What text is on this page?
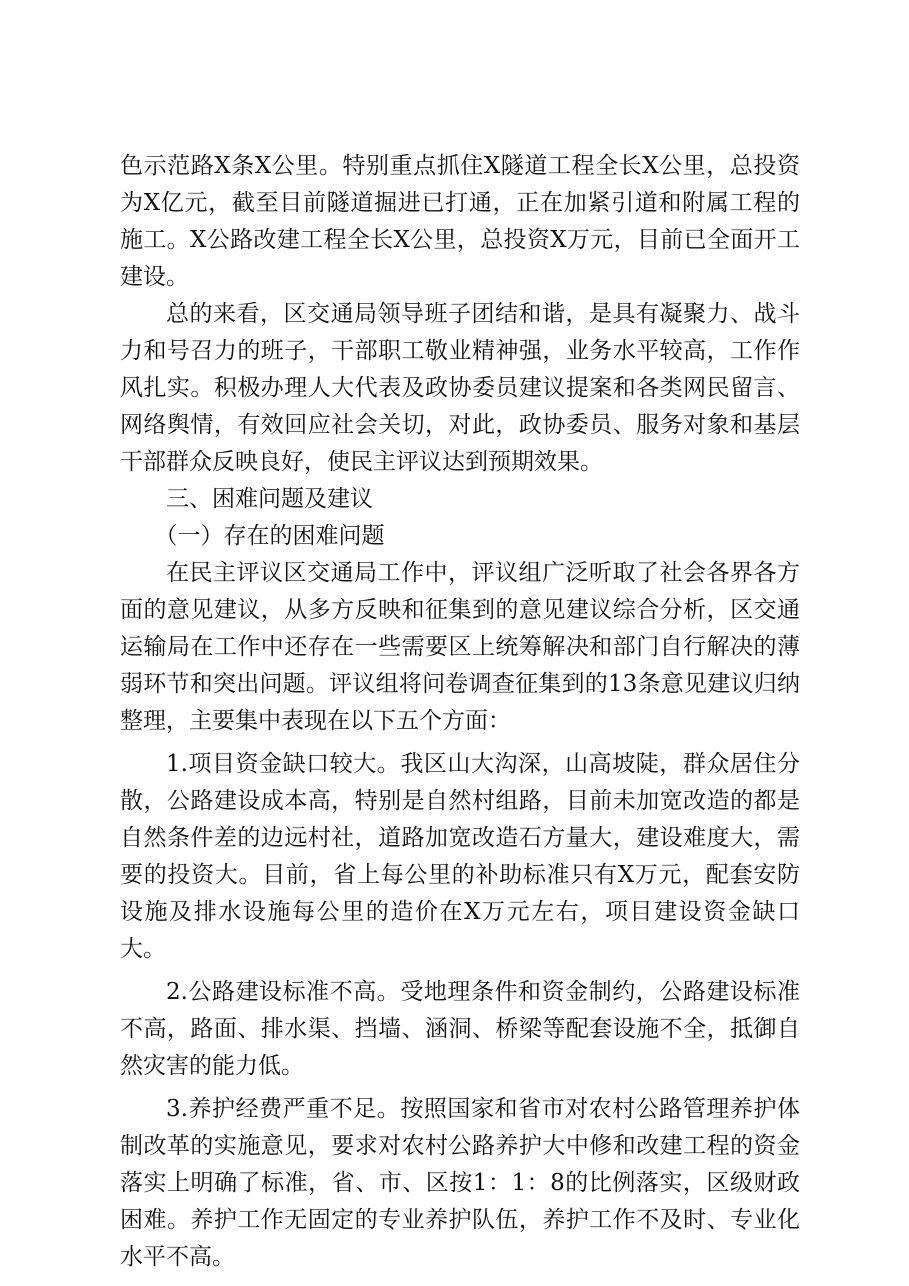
色示范路X条X公里。特别重点抓住X隧道工程全长X公里，总投资为X亿元，截至目前隧道掘进已打通，正在加紧引道和附属工程的施工。X公路改建工程全长X公里，总投资X万元，目前已全面开工建设。

总的来看，区交通局领导班子团结和谐，是具有凝聚力、战斗力和号召力的班子，干部职工敬业精神强，业务水平较高，工作作风扎实。积极办理人大代表及政协委员建议提案和各类网民留言、网络舆情，有效回应社会关切，对此，政协委员、服务对象和基层干部群众反映良好，使民主评议达到预期效果。

三、困难问题及建议

（一）存在的困难问题

在民主评议区交通局工作中，评议组广泛听取了社会各界各方面的意见建议，从多方反映和征集到的意见建议综合分析，区交通运输局在工作中还存在一些需要区上统筹解决和部门自行解决的薄弱环节和突出问题。评议组将问卷调查征集到的13条意见建议归纳整理，主要集中表现在以下五个方面：

1.项目资金缺口较大。我区山大沟深，山高坡陡，群众居住分散，公路建设成本高，特别是自然村组路，目前未加宽改造的都是自然条件差的边远村社，道路加宽改造石方量大，建设难度大，需要的投资大。目前，省上每公里的补助标准只有X万元，配套安防设施及排水设施每公里的造价在X万元左右，项目建设资金缺口大。

2.公路建设标准不高。受地理条件和资金制约，公路建设标准不高，路面、排水渠、挡墙、涵洞、桥梁等配套设施不全，抵御自然灾害的能力低。

3.养护经费严重不足。按照国家和省市对农村公路管理养护体制改革的实施意见，要求对农村公路养护大中修和改建工程的资金落实上明确了标准，省、市、区按1：1：8的比例落实，区级财政困难。养护工作无固定的专业养护队伍，养护工作不及时、专业化水平不高。
